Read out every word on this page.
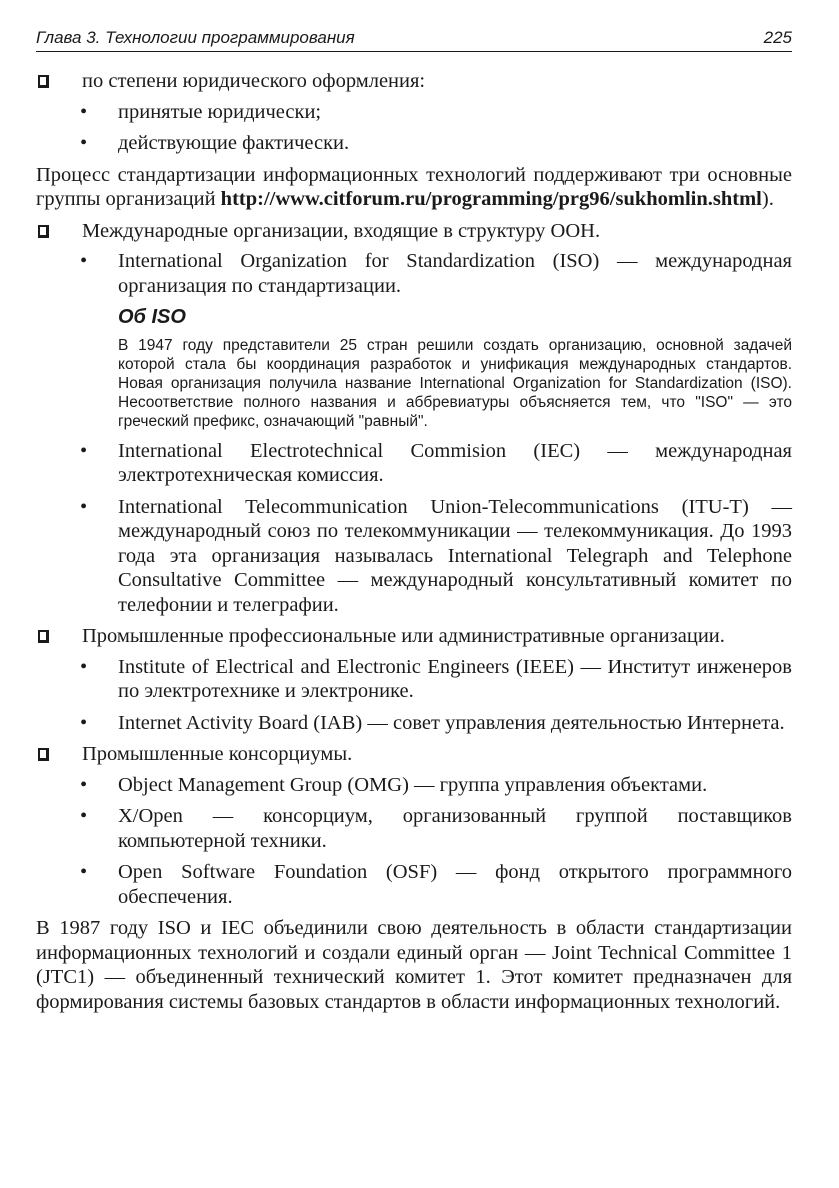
Глава 3. Технологии программирования	225
по степени юридического оформления:
• принятые юридически;
• действующие фактически.
Процесс стандартизации информационных технологий поддерживают три основные группы организаций http://www.citforum.ru/programming/prg96/sukhomlin.shtml).
Международные организации, входящие в структуру ООН.
• International Organization for Standardization (ISO) — международная организация по стандартизации.
Об ISO
В 1947 году представители 25 стран решили создать организацию, основной задачей которой стала бы координация разработок и унификация международных стандартов. Новая организация получила название International Organization for Standardization (ISO). Несоответствие полного названия и аббревиатуры объясняется тем, что "ISO" — это греческий префикс, означающий "равный".
• International Electrotechnical Commision (IEC) — международная электротехническая комиссия.
• International Telecommunication Union-Telecommunications (ITU-T) — международный союз по телекоммуникации — телекоммуникация. До 1993 года эта организация называлась International Telegraph and Telephone Consultative Committee — международный консультативный комитет по телефонии и телеграфии.
Промышленные профессиональные или административные организации.
• Institute of Electrical and Electronic Engineers (IEEE) — Институт инженеров по электротехнике и электронике.
• Internet Activity Board (IAB) — совет управления деятельностью Интернета.
Промышленные консорциумы.
• Object Management Group (OMG) — группа управления объектами.
• X/Open — консорциум, организованный группой поставщиков компьютерной техники.
• Open Software Foundation (OSF) — фонд открытого программного обеспечения.
В 1987 году ISO и IEC объединили свою деятельность в области стандартизации информационных технологий и создали единый орган — Joint Technical Committee 1 (JTC1) — объединенный технический комитет 1. Этот комитет предназначен для формирования системы базовых стандартов в области информационных технологий.
